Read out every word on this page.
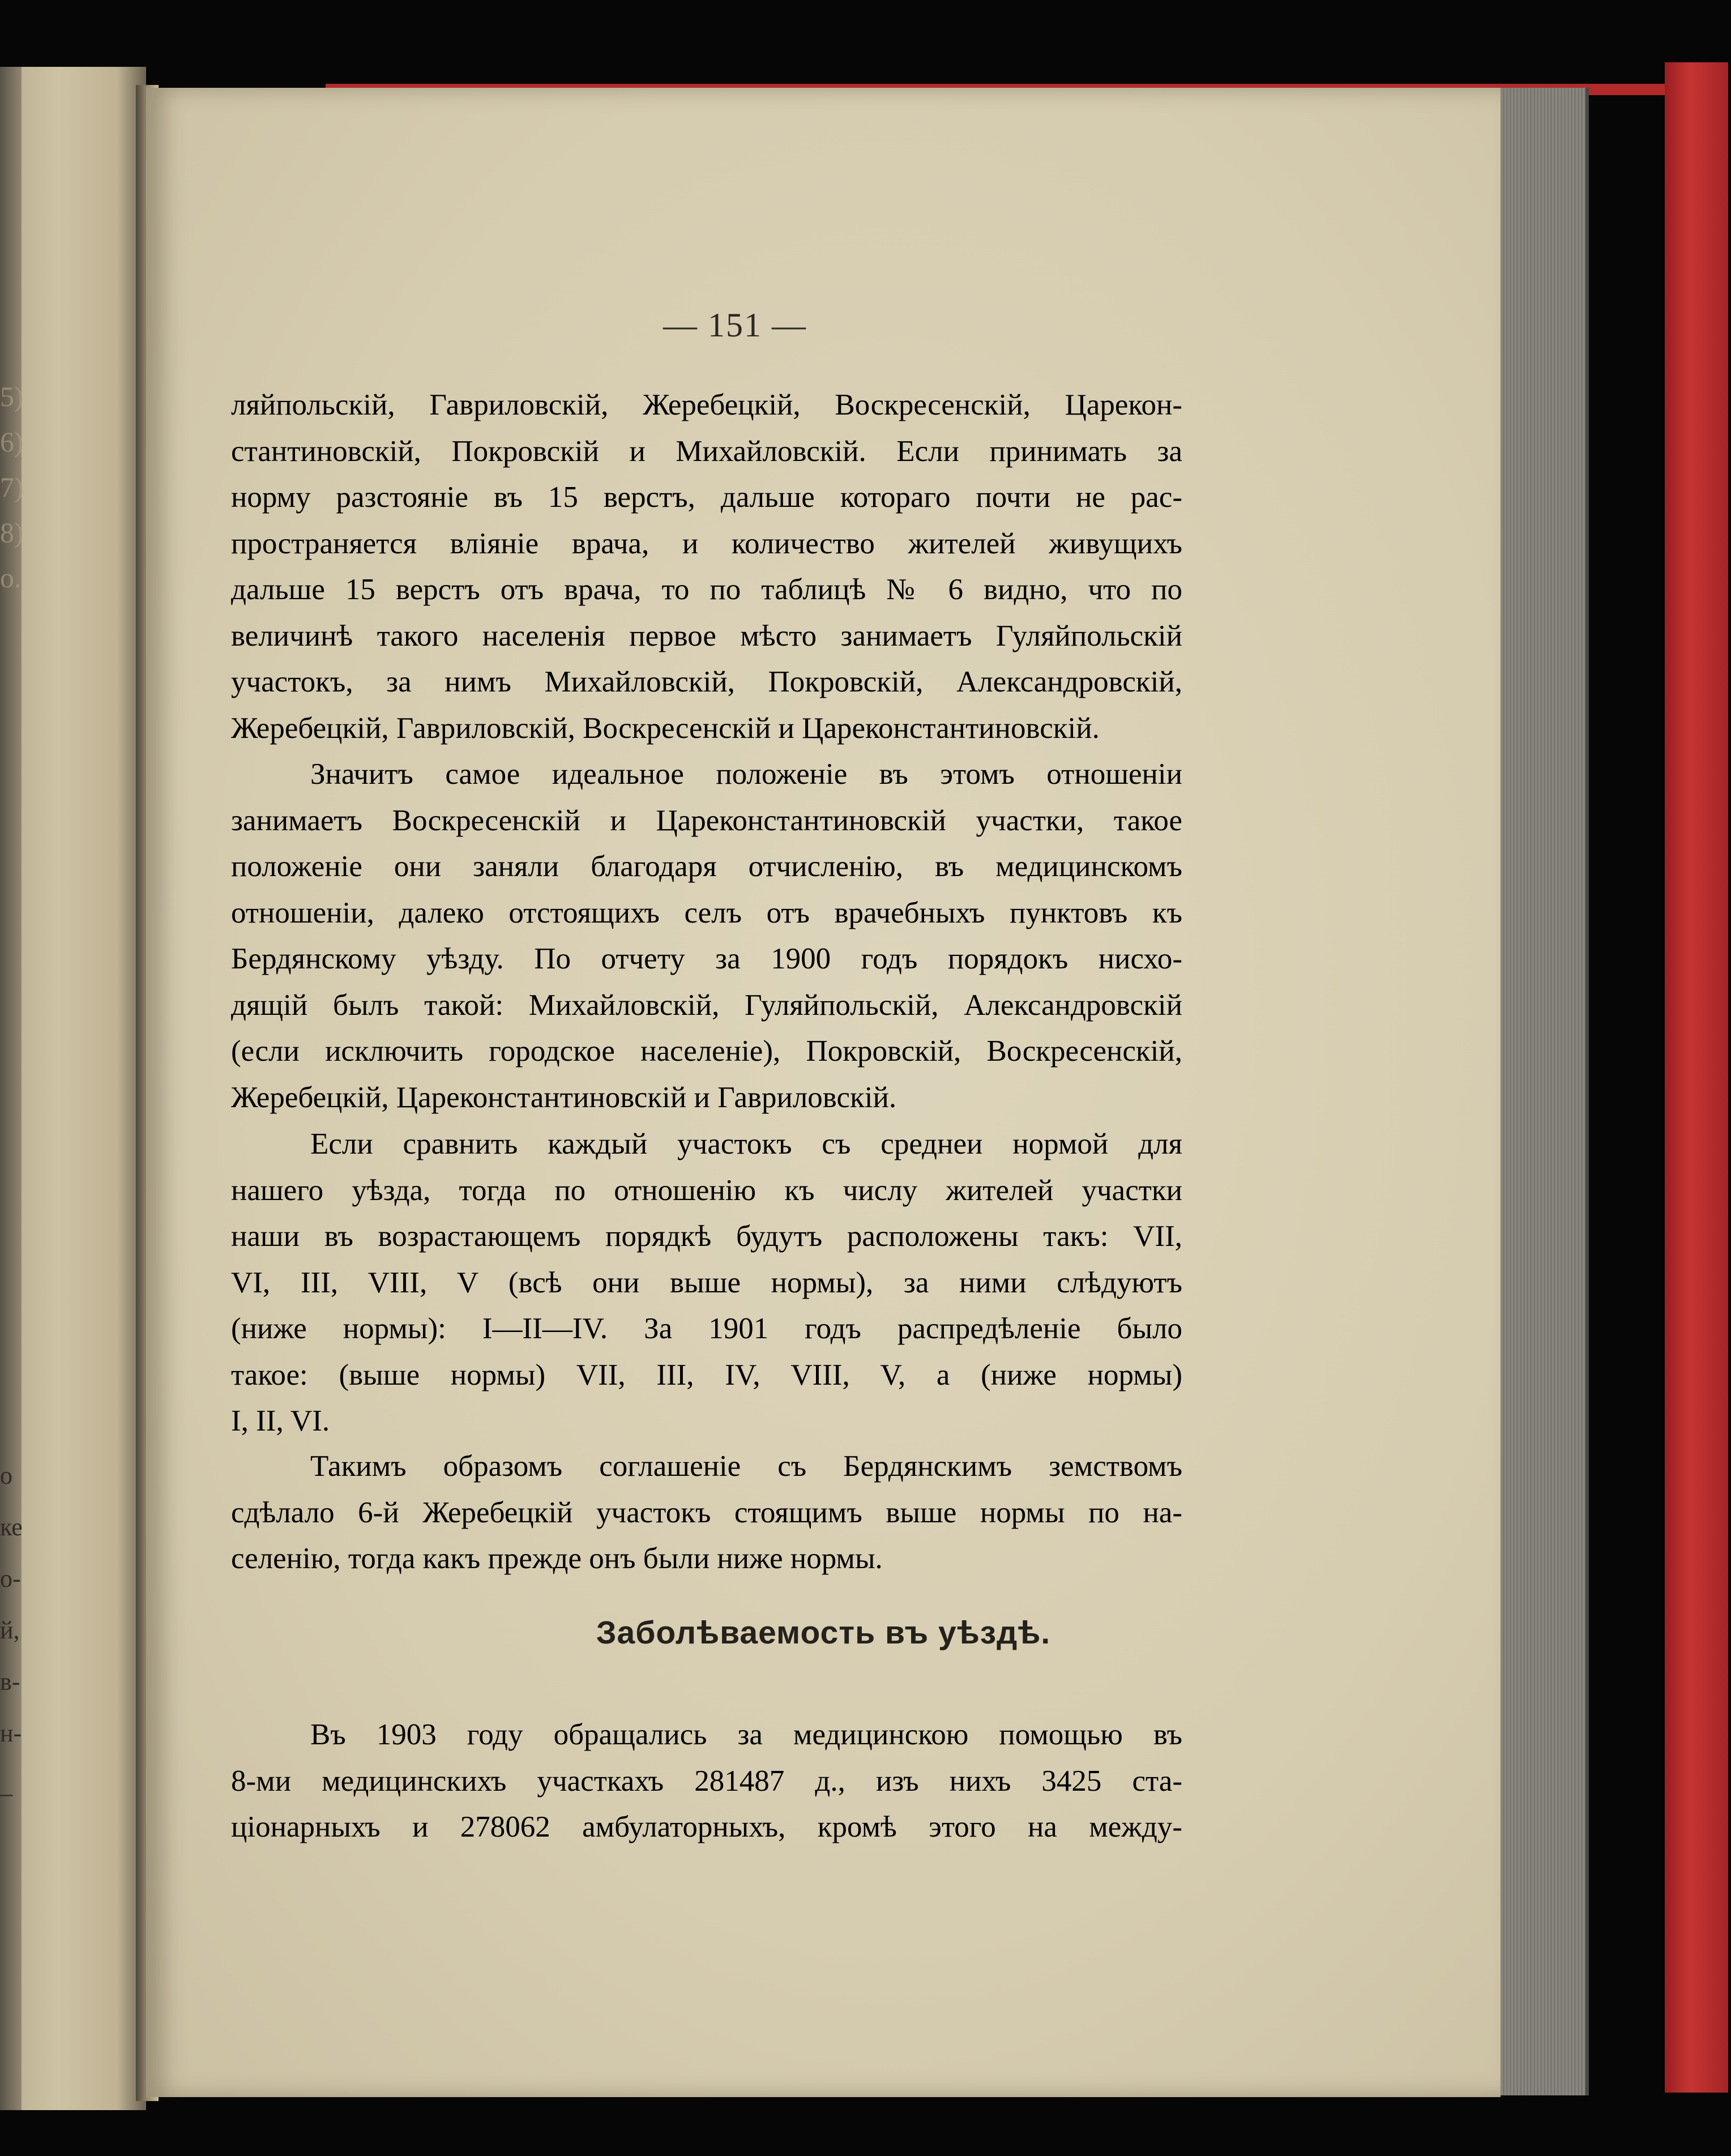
5)
6)
7)
8)
о.
o
ке
о-
й,
в-
н-
_
— 151 —
ляйпольскій, Гавриловскій, Жеребецкій, Воскресенскій, Царекон-
стантиновскій, Покровскій и Михайловскій. Если принимать за
норму разстояніе въ 15 верстъ, дальше котораго почти не рас-
пространяется вліяніе врача, и количество жителей живущихъ
дальше 15 верстъ отъ врача, то по таблицѣ № 6 видно, что по
величинѣ такого населенія первое мѣсто занимаетъ Гуляйпольскій
участокъ, за нимъ Михайловскій, Покровскій, Александровскій,
Жеребецкій, Гавриловскій, Воскресенскій и Цареконстантиновскій.
Значитъ самое идеальное положеніе въ этомъ отношеніи
занимаетъ Воскресенскій и Цареконстантиновскій участки, такое
положеніе они заняли благодаря отчисленію, въ медицинскомъ
отношеніи, далеко отстоящихъ селъ отъ врачебныхъ пунктовъ къ
Бердянскому уѣзду. По отчету за 1900 годъ порядокъ нисхо-
дящій былъ такой: Михайловскій, Гуляйпольскій, Александровскій
(если исключить городское населеніе), Покровскій, Воскресенскій,
Жеребецкій, Цареконстантиновскій и Гавриловскій.
Если сравнить каждый участокъ съ среднеи нормой для
нашего уѣзда, тогда по отношенію къ числу жителей участки
наши въ возрастающемъ порядкѣ будутъ расположены такъ: VII,
VI, III, VIII, V (всѣ они выше нормы), за ними слѣдуютъ
(ниже нормы): I—II—IV. За 1901 годъ распредѣленіе было
такое: (выше нормы) VII, III, IV, VIII, V, а (ниже нормы)
I, II, VI.
Такимъ образомъ соглашеніе съ Бердянскимъ земствомъ
сдѣлало 6-й Жеребецкій участокъ стоящимъ выше нормы по на-
селенію, тогда какъ прежде онъ были ниже нормы.
Заболѣваемость въ уѣздѣ.
Въ 1903 году обращались за медицинскою помощью въ
8-ми медицинскихъ участкахъ 281487 д., изъ нихъ 3425 ста-
ціонарныхъ и 278062 амбулаторныхъ, кромѣ этого на между-
